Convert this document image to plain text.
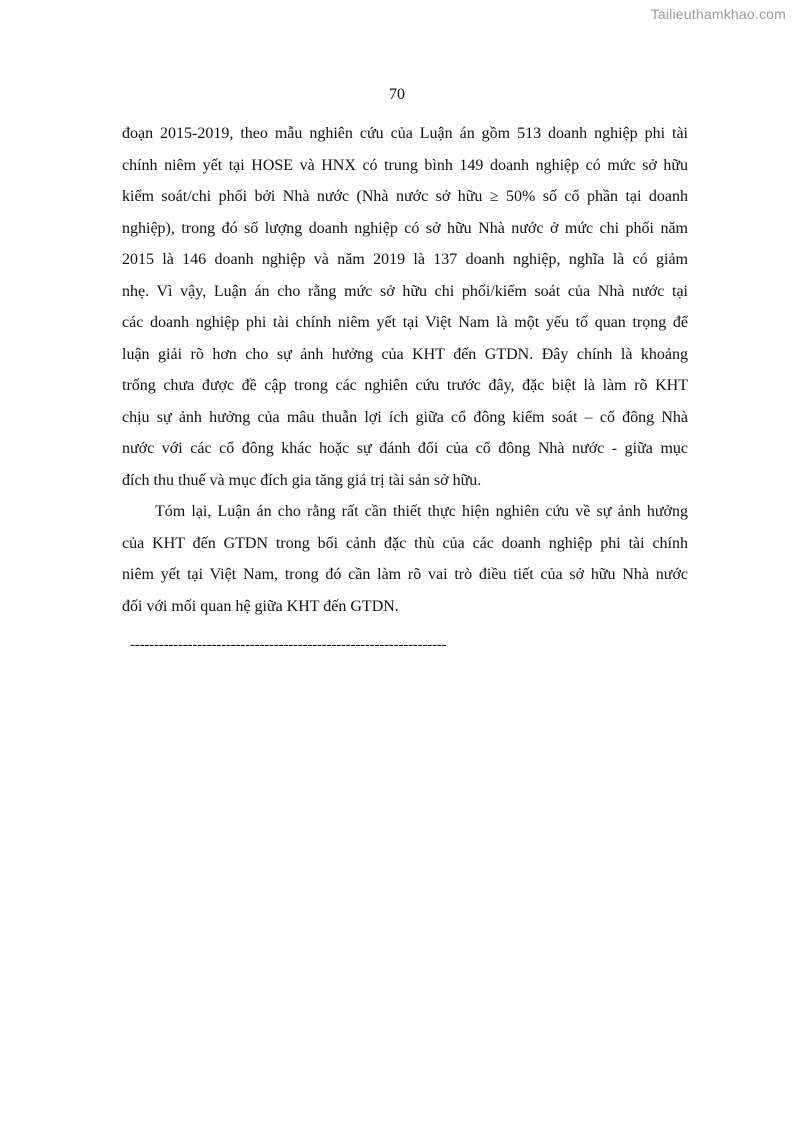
Tailieuthamkhao.com
70
đoạn 2015-2019, theo mẫu nghiên cứu của Luận án gồm 513 doanh nghiệp phi tài
chính niêm yết tại HOSE và HNX có trung bình 149 doanh nghiệp có mức sở hữu
kiểm soát/chi phối bởi Nhà nước (Nhà nước sở hữu ≥ 50% số cổ phần tại doanh
nghiệp), trong đó số lượng doanh nghiệp có sở hữu Nhà nước ở mức chi phối năm
2015 là 146 doanh nghiệp và năm 2019 là 137 doanh nghiệp, nghĩa là có giảm
nhẹ. Vì vậy, Luận án cho rằng mức sở hữu chi phối/kiểm soát của Nhà nước tại
các doanh nghiệp phi tài chính niêm yết tại Việt Nam là một yếu tố quan trọng để
luận giải rõ hơn cho sự ảnh hưởng của KHT đến GTDN. Đây chính là khoảng
trống chưa được đề cập trong các nghiên cứu trước đây, đặc biệt là làm rõ KHT
chịu sự ảnh hưởng của mâu thuẫn lợi ích giữa cổ đông kiểm soát – cổ đông Nhà
nước với các cổ đông khác hoặc sự đánh đổi của cổ đông Nhà nước - giữa mục
đích thu thuế và mục đích gia tăng giá trị tài sản sở hữu.
Tóm lại, Luận án cho rằng rất cần thiết thực hiện nghiên cứu về sự ảnh hưởng
của KHT đến GTDN trong bối cảnh đặc thù của các doanh nghiệp phi tài chính
niêm yết tại Việt Nam, trong đó cần làm rõ vai trò điều tiết của sở hữu Nhà nước
đối với mối quan hệ giữa KHT đến GTDN.
------------------------------------------------------------------
